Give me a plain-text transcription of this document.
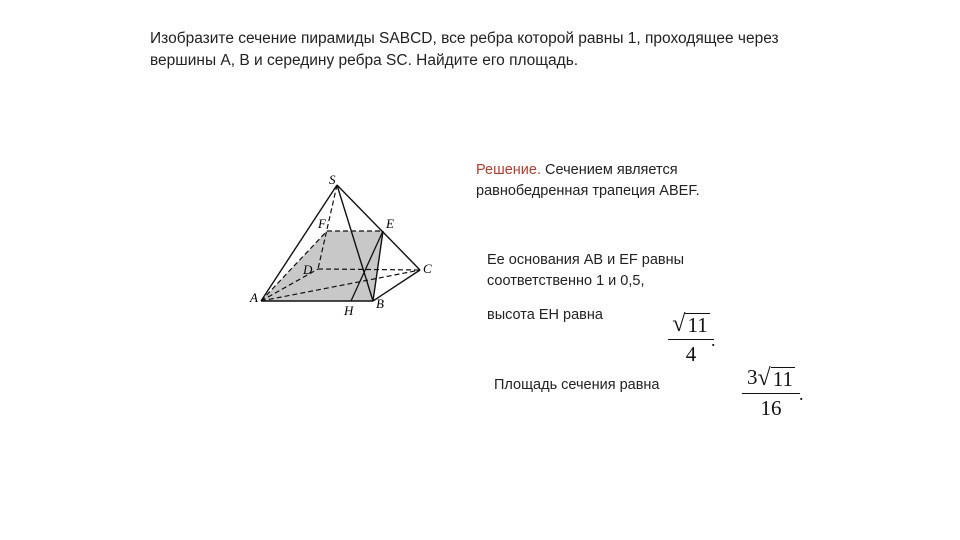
Изобразите сечение пирамиды SABCD, все ребра которой равны 1, проходящее через
вершины A, B и середину ребра SC. Найдите его площадь.
S
F	E
D	C
A
H B
Решение. Сечением является
равнобедренная трапеция ABEF.
Ее основания AB и EF равны
соответственно 1 и 0,5,
высота EH равна	√ 11
4
.
Площадь сечения равна	3 √ 11
16
.
